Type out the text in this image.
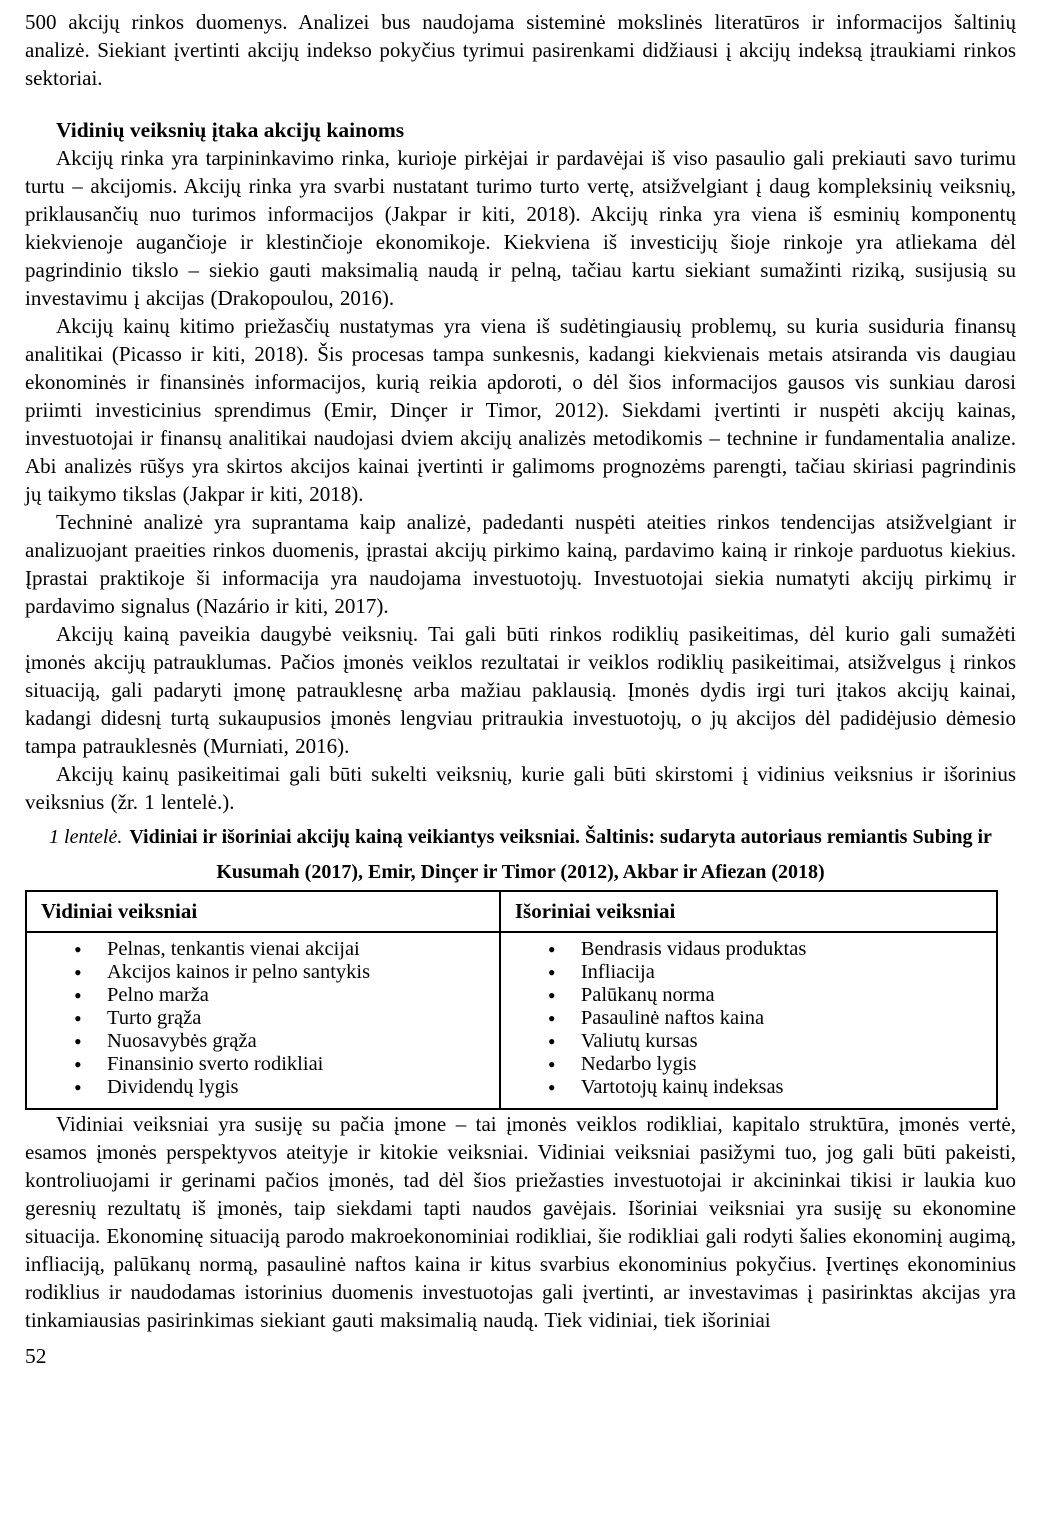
500 akcijų rinkos duomenys. Analizei bus naudojama sisteminė mokslinės literatūros ir informacijos šaltinių analizė. Siekiant įvertinti akcijų indekso pokyčius tyrimui pasirenkami didžiausi į akcijų indeksą įtraukiami rinkos sektoriai.

Vidinių veiksnių įtaka akcijų kainoms

Akcijų rinka yra tarpininkavimo rinka, kurioje pirkėjai ir pardavėjai iš viso pasaulio gali prekiauti savo turimu turtu – akcijomis. Akcijų rinka yra svarbi nustatant turimo turto vertę, atsižvelgiant į daug kompleksinių veiksnių, priklausančių nuo turimos informacijos (Jakpar ir kiti, 2018). Akcijų rinka yra viena iš esminių komponentų kiekvienoje augančioje ir klestinčioje ekonomikoje. Kiekviena iš investicijų šioje rinkoje yra atliekama dėl pagrindinio tikslo – siekio gauti maksimalią naudą ir pelną, tačiau kartu siekiant sumažinti riziką, susijusią su investavimu į akcijas (Drakopoulou, 2016).

Akcijų kainų kitimo priežasčių nustatymas yra viena iš sudėtingiausių problemų, su kuria susiduria finansų analitikai (Picasso ir kiti, 2018). Šis procesas tampa sunkesnis, kadangi kiekvienais metais atsiranda vis daugiau ekonominės ir finansinės informacijos, kurią reikia apdoroti, o dėl šios informacijos gausos vis sunkiau darosi priimti investicinius sprendimus (Emir, Dinçer ir Timor, 2012). Siekdami įvertinti ir nuspėti akcijų kainas, investuotojai ir finansų analitikai naudojasi dviem akcijų analizės metodikomis – technine ir fundamentalia analize. Abi analizės rūšys yra skirtos akcijos kainai įvertinti ir galimoms prognozėms parengti, tačiau skiriasi pagrindinis jų taikymo tikslas (Jakpar ir kiti, 2018).

Techninė analizė yra suprantama kaip analizė, padedanti nuspėti ateities rinkos tendencijas atsižvelgiant ir analizuojant praeities rinkos duomenis, įprastai akcijų pirkimo kainą, pardavimo kainą ir rinkoje parduotus kiekius. Įprastai praktikoje ši informacija yra naudojama investuotojų. Investuotojai siekia numatyti akcijų pirkimų ir pardavimo signalus (Nazário ir kiti, 2017).

Akcijų kainą paveikia daugybė veiksnių. Tai gali būti rinkos rodiklių pasikeitimas, dėl kurio gali sumažėti įmonės akcijų patrauklumas. Pačios įmonės veiklos rezultatai ir veiklos rodiklių pasikeitimai, atsižvelgus į rinkos situaciją, gali padaryti įmonę patrauklesnę arba mažiau paklausią. Įmonės dydis irgi turi įtakos akcijų kainai, kadangi didesnį turtą sukaupusios įmonės lengviau pritraukia investuotojų, o jų akcijos dėl padidėjusio dėmesio tampa patrauklesnės (Murniati, 2016).

Akcijų kainų pasikeitimai gali būti sukelti veiksnių, kurie gali būti skirstomi į vidinius veiksnius ir išorinius veiksnius (žr. 1 lentelė.).

1 lentelė. Vidiniai ir išoriniai akcijų kainą veikiantys veiksniai. Šaltinis: sudaryta autoriaus remiantis Subing ir Kusumah (2017), Emir, Dinçer ir Timor (2012), Akbar ir Afiezan (2018)

Vidiniai veiksniai	Išoriniai veiksniai

• Pelnas, tenkantis vienai akcijai
• Akcijos kainos ir pelno santykis
• Pelno marža
• Turto grąža
• Nuosavybės grąža
• Finansinio sverto rodikliai
• Dividendų lygis

• Bendrasis vidaus produktas
• Infliacija
• Palūkanų norma
• Pasaulinė naftos kaina
• Valiutų kursas
• Nedarbo lygis
• Vartotojų kainų indeksas

Vidiniai veiksniai yra susiję su pačia įmone – tai įmonės veiklos rodikliai, kapitalo struktūra, įmonės vertė, esamos įmonės perspektyvos ateityje ir kitokie veiksniai. Vidiniai veiksniai pasižymi tuo, jog gali būti pakeisti, kontroliuojami ir gerinami pačios įmonės, tad dėl šios priežasties investuotojai ir akcininkai tikisi ir laukia kuo geresnių rezultatų iš įmonės, taip siekdami tapti naudos gavėjais. Išoriniai veiksniai yra susiję su ekonomine situacija. Ekonominę situaciją parodo makroekonominiai rodikliai, šie rodikliai gali rodyti šalies ekonominį augimą, infliaciją, palūkanų normą, pasaulinė naftos kaina ir kitus svarbius ekonominius pokyčius. Įvertinęs ekonominius rodiklius ir naudodamas istorinius duomenis investuotojas gali įvertinti, ar investavimas į pasirinktas akcijas yra tinkamiausias pasirinkimas siekiant gauti maksimalią naudą. Tiek vidiniai, tiek išoriniai

52
